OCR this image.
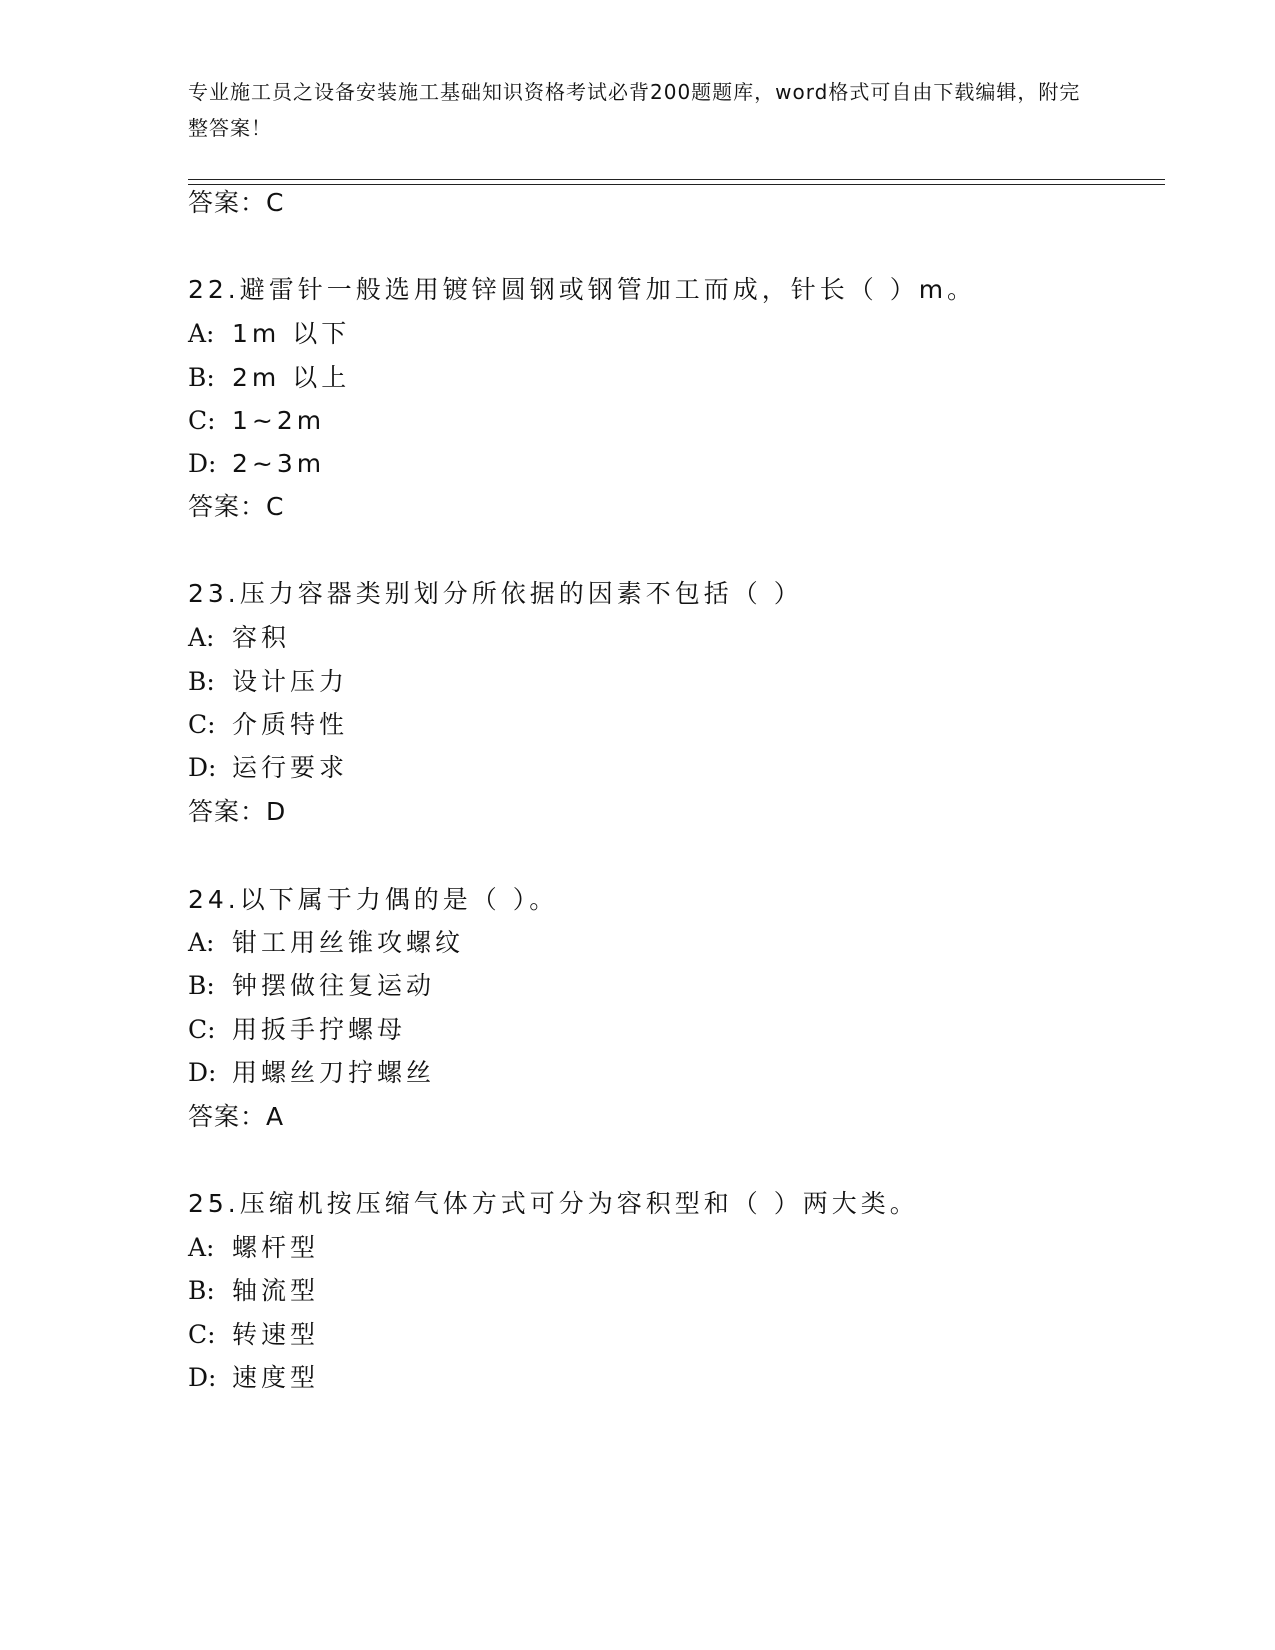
专业施工员之设备安装施工基础知识资格考试必背200题题库，word格式可自由下载编辑，附完整答案！
答案：C
22.避雷针一般选用镀锌圆钢或钢管加工而成，针长（ ）m。
A: 1m 以下
B: 2m 以上
C: 1~2m
D: 2~3m
答案：C
23.压力容器类别划分所依据的因素不包括（ ）
A: 容积
B: 设计压力
C: 介质特性
D: 运行要求
答案：D
24.以下属于力偶的是（ ）。
A: 钳工用丝锥攻螺纹
B: 钟摆做往复运动
C: 用扳手拧螺母
D: 用螺丝刀拧螺丝
答案：A
25.压缩机按压缩气体方式可分为容积型和（ ）两大类。
A: 螺杆型
B: 轴流型
C: 转速型
D: 速度型
